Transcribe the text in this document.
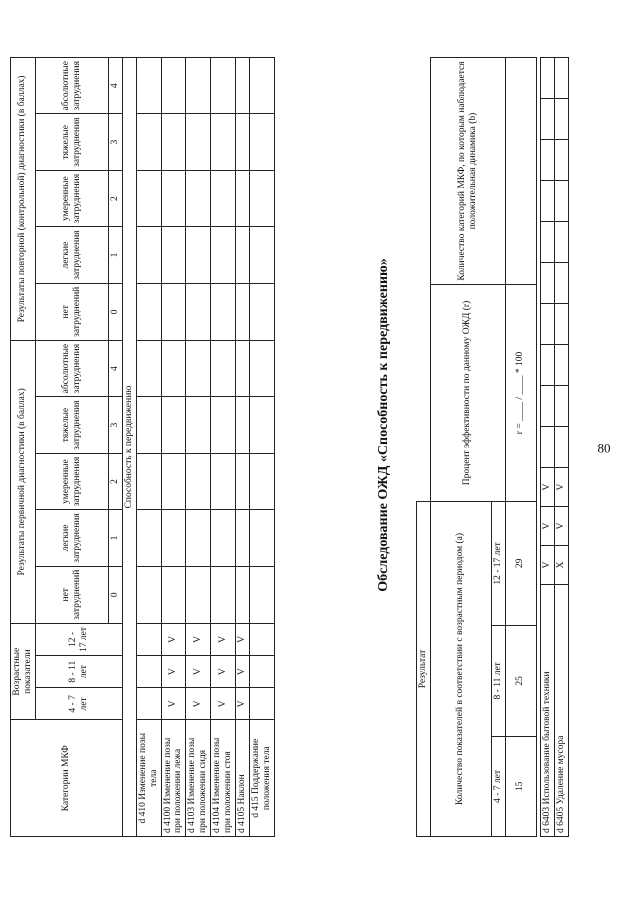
80
d 6403 Использование бытовой техники	V	V	V										
d 6405 Удаление мусора	X	V	V										
Результат				
Количество показателей в соответствии с возрастным периодом (а)			Процент эффективности по данному ОЖД (r)	Количество категорий МКФ, по которым наблюдается положительная динамика (b)
4 - 7 лет	8 - 11 лет	12 - 17 лет		
15	25	29	r = ____ / ____ * 100	
Обследование ОЖД «Способность к передвижению»
Категории МКФ	Возрастные показатели			Результаты первичной диагностики (в баллах)					Результаты повторной (контрольной) диагностики (в баллах)				
	4 - 7 лет	8 - 11 лет	12 - 17 лет	нет затруднений	легкие затруднения	умеренные затруднения	тяжелые затруднения	абсолютные затруднения	нет затруднений	легкие затруднения	умеренные затруднения	тяжелые затруднения	абсолютные затруднения
				0	1	2	3	4	0	1	2	3	4
Способность к передвижению													
d 410 Изменение позы тела													
d 4100 Изменение позы при положении лежа	V	V	V										
d 4103 Изменение позы при положении сидя	V	V	V										
d 4104 Изменение позы при положении стоя	V	V	V										
d 4105 Наклон	V	V	V										
d 415 Поддержание положения тела													
